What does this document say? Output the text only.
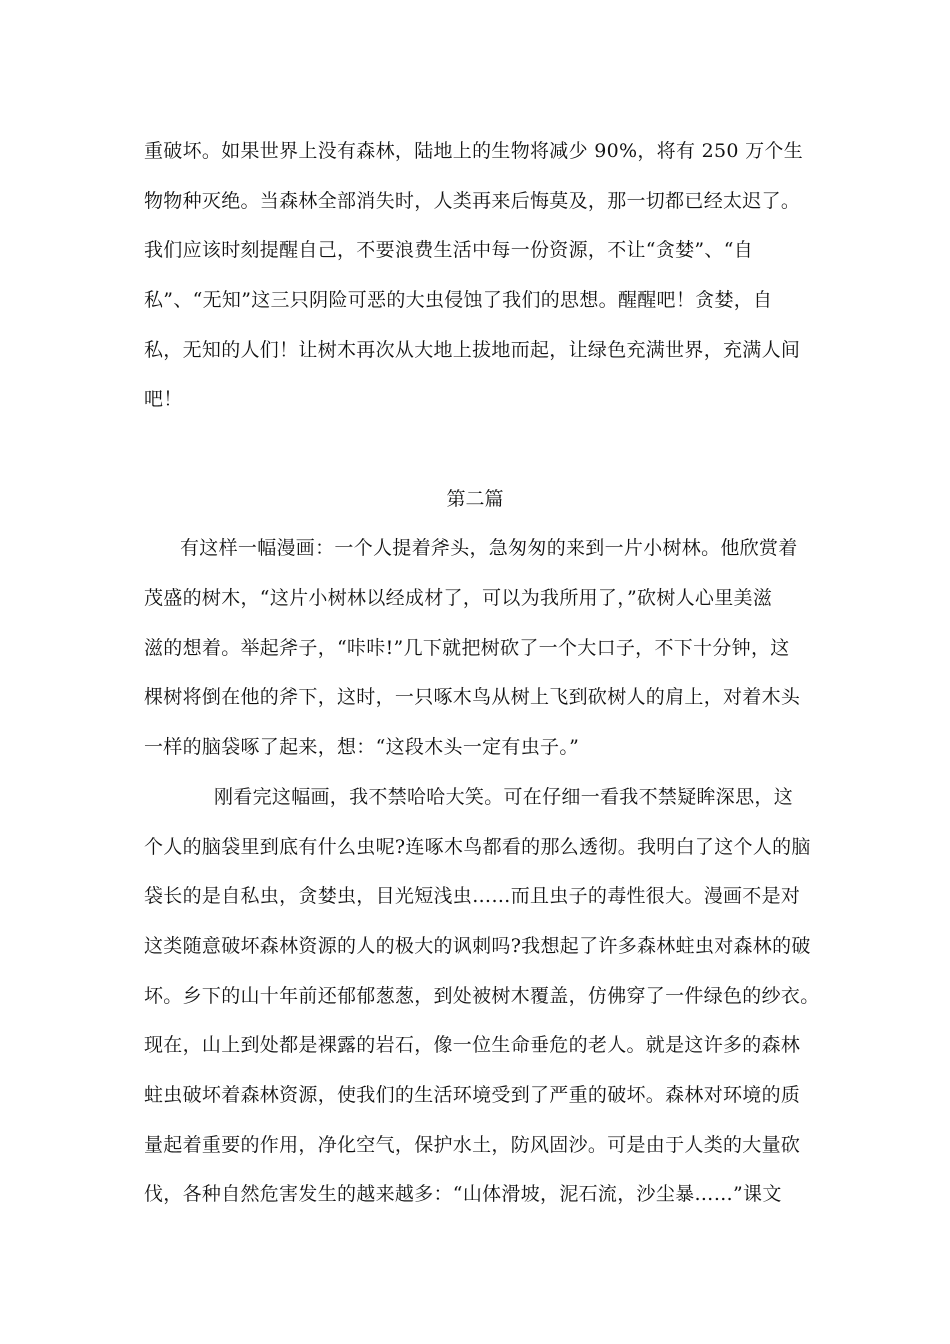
重破坏。如果世界上没有森林，陆地上的生物将减少 90%，将有 250 万个生
物物种灭绝。当森林全部消失时，人类再来后悔莫及，那一切都已经太迟了。
我们应该时刻提醒自己，不要浪费生活中每一份资源，不让“贪婪”、“自
私”、“无知”这三只阴险可恶的大虫侵蚀了我们的思想。醒醒吧！贪婪，自
私，无知的人们！让树木再次从大地上拔地而起，让绿色充满世界，充满人间
吧！
第二篇
有这样一幅漫画：一个人提着斧头，急匆匆的来到一片小树林。他欣赏着
茂盛的树木，“这片小树林以经成材了，可以为我所用了，”砍树人心里美滋
滋的想着。举起斧子，“咔咔!”几下就把树砍了一个大口子，不下十分钟，这
棵树将倒在他的斧下，这时，一只啄木鸟从树上飞到砍树人的肩上，对着木头
一样的脑袋啄了起来，想：“这段木头一定有虫子。”
刚看完这幅画，我不禁哈哈大笑。可在仔细一看我不禁疑眸深思，这
个人的脑袋里到底有什么虫呢?连啄木鸟都看的那么透彻。我明白了这个人的脑
袋长的是自私虫，贪婪虫，目光短浅虫……而且虫子的毒性很大。漫画不是对
这类随意破坏森林资源的人的极大的讽刺吗?我想起了许多森林蛀虫对森林的破
坏。乡下的山十年前还郁郁葱葱，到处被树木覆盖，仿佛穿了一件绿色的纱衣。
现在，山上到处都是裸露的岩石，像一位生命垂危的老人。就是这许多的森林
蛀虫破坏着森林资源，使我们的生活环境受到了严重的破坏。森林对环境的质
量起着重要的作用，净化空气，保护水土，防风固沙。可是由于人类的大量砍
伐，各种自然危害发生的越来越多：“山体滑坡，泥石流，沙尘暴……”课文
